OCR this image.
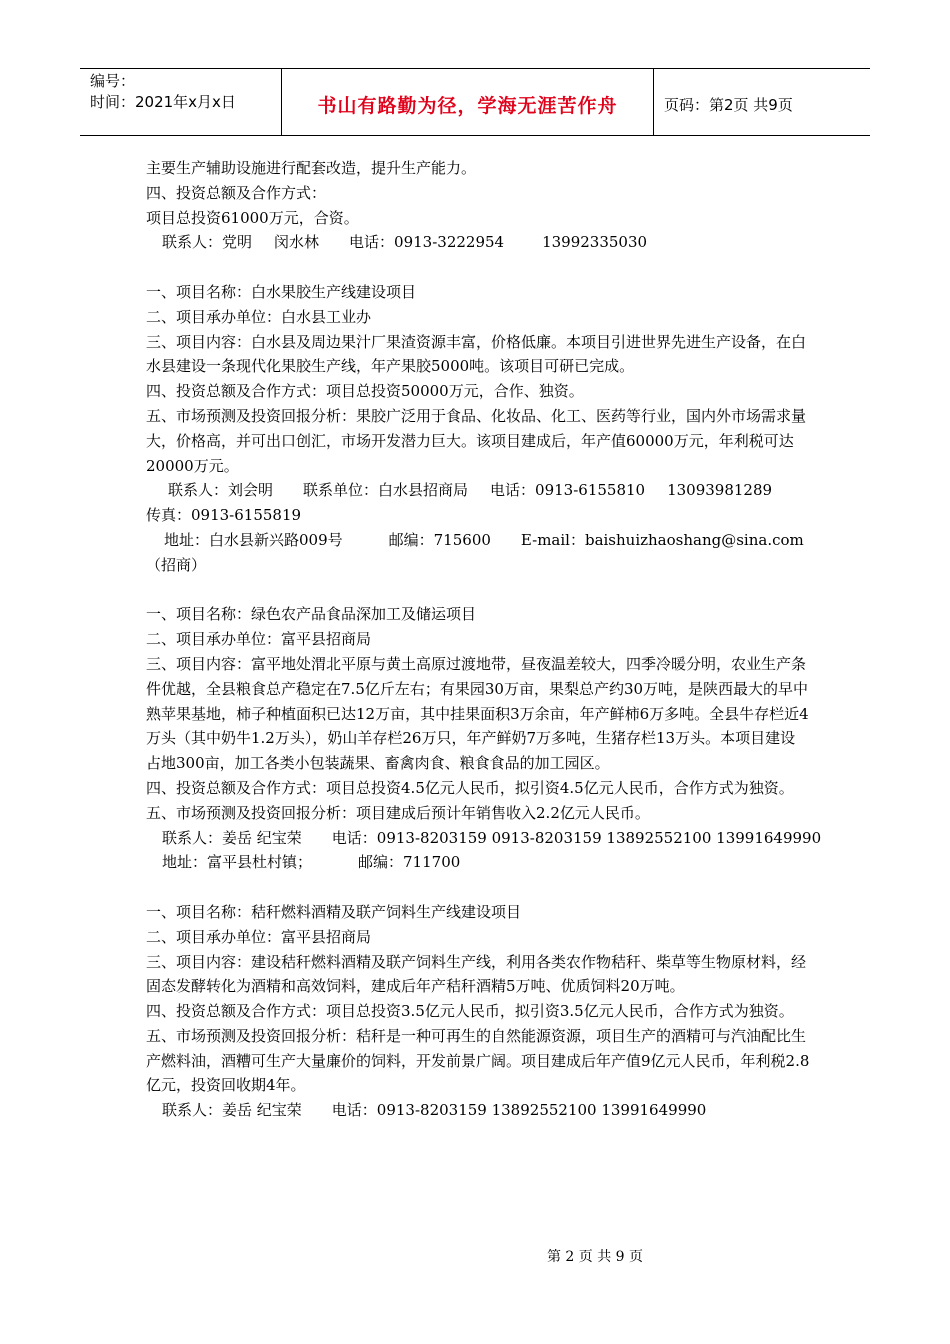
编号：
时间：2021年x月x日	书山有路勤为径，学海无涯苦作舟	页码：第2页 共9页

主要生产辅助设施进行配套改造，提升生产能力。

四、投资总额及合作方式：

项目总投资61000万元，合资。

联系人：党明 闵水林 电话：0913-3222954	13992335030

一、项目名称：白水果胶生产线建设项目

二、项目承办单位：白水县工业办

三、项目内容：白水县及周边果汁厂果渣资源丰富，价格低廉。本项目引进世界先进生产设备，在白水县建设一条现代化果胶生产线，年产果胶5000吨。该项目可研已完成。

四、投资总额及合作方式：项目总投资50000万元，合作、独资。

五、市场预测及投资回报分析：果胶广泛用于食品、化妆品、化工、医药等行业，国内外市场需求量大，价格高，并可出口创汇，市场开发潜力巨大。该项目建成后，年产值60000万元，年利税可达20000万元。

联系人：刘会明 联系单位：白水县招商局 电话：0913-6155810 13093981289

传真：0913-6155819

地址：白水县新兴路009号	邮编：715600 E-mail：baishuizhaoshang@sina.com

（招商）

一、项目名称：绿色农产品食品深加工及储运项目

二、项目承办单位：富平县招商局

三、项目内容：富平地处渭北平原与黄土高原过渡地带，昼夜温差较大，四季冷暖分明，农业生产条件优越，全县粮食总产稳定在7.5亿斤左右；有果园30万亩，果梨总产约30万吨，是陕西最大的早中熟苹果基地，柿子种植面积已达12万亩，其中挂果面积3万余亩，年产鲜柿6万多吨。全县牛存栏近4万头（其中奶牛1.2万头），奶山羊存栏26万只，年产鲜奶7万多吨，生猪存栏13万头。本项目建设占地300亩，加工各类小包装蔬果、畜禽肉食、粮食食品的加工园区。

四、投资总额及合作方式：项目总投资4.5亿元人民币，拟引资4.5亿元人民币，合作方式为独资。

五、市场预测及投资回报分析：项目建成后预计年销售收入2.2亿元人民币。

联系人：姜岳 纪宝荣 电话：0913-8203159 0913-8203159 13892552100 13991649990

地址：富平县杜村镇；	邮编：711700

一、项目名称：秸秆燃料酒精及联产饲料生产线建设项目

二、项目承办单位：富平县招商局

三、项目内容：建设秸秆燃料酒精及联产饲料生产线，利用各类农作物秸秆、柴草等生物原材料，经固态发酵转化为酒精和高效饲料，建成后年产秸秆酒精5万吨、优质饲料20万吨。

四、投资总额及合作方式：项目总投资3.5亿元人民币，拟引资3.5亿元人民币，合作方式为独资。

五、市场预测及投资回报分析：秸秆是一种可再生的自然能源资源，项目生产的酒精可与汽油配比生产燃料油，酒糟可生产大量廉价的饲料，开发前景广阔。项目建成后年产值9亿元人民币，年利税2.8亿元，投资回收期4年。

联系人：姜岳 纪宝荣 电话：0913-8203159 13892552100 13991649990

第 2 页 共 9 页
